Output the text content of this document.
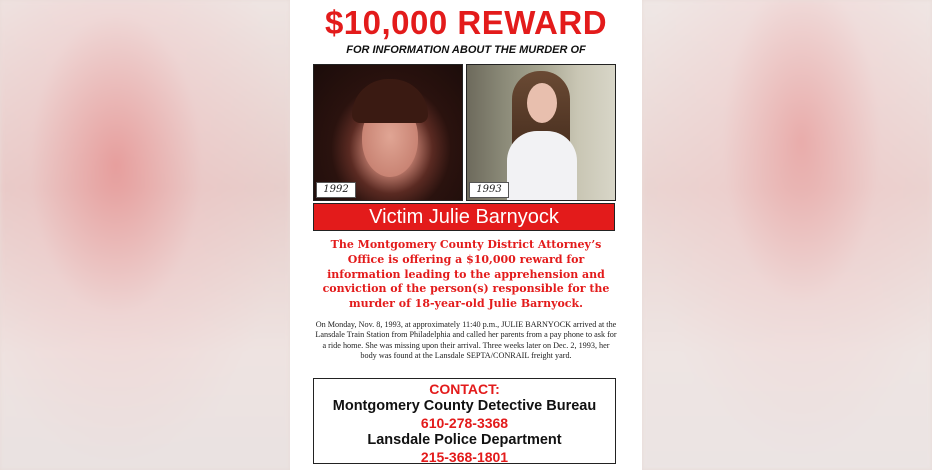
$10,000 REWARD
FOR INFORMATION ABOUT THE MURDER OF
1992	1993
Victim Julie Barnyock
The Montgomery County District Attorney’s Office is offering a $10,000 reward for information leading to the apprehension and conviction of the person(s) responsible for the murder of 18-year-old Julie Barnyock.
On Monday, Nov. 8, 1993, at approximately 11:40 p.m., JULIE BARNYOCK arrived at the Lansdale Train Station from Philadelphia and called her parents from a pay phone to ask for a ride home. She was missing upon their arrival. Three weeks later on Dec. 2, 1993, her body was found at the Lansdale SEPTA/CONRAIL freight yard.
CONTACT:
Montgomery County Detective Bureau
610-278-3368
Lansdale Police Department
215-368-1801
